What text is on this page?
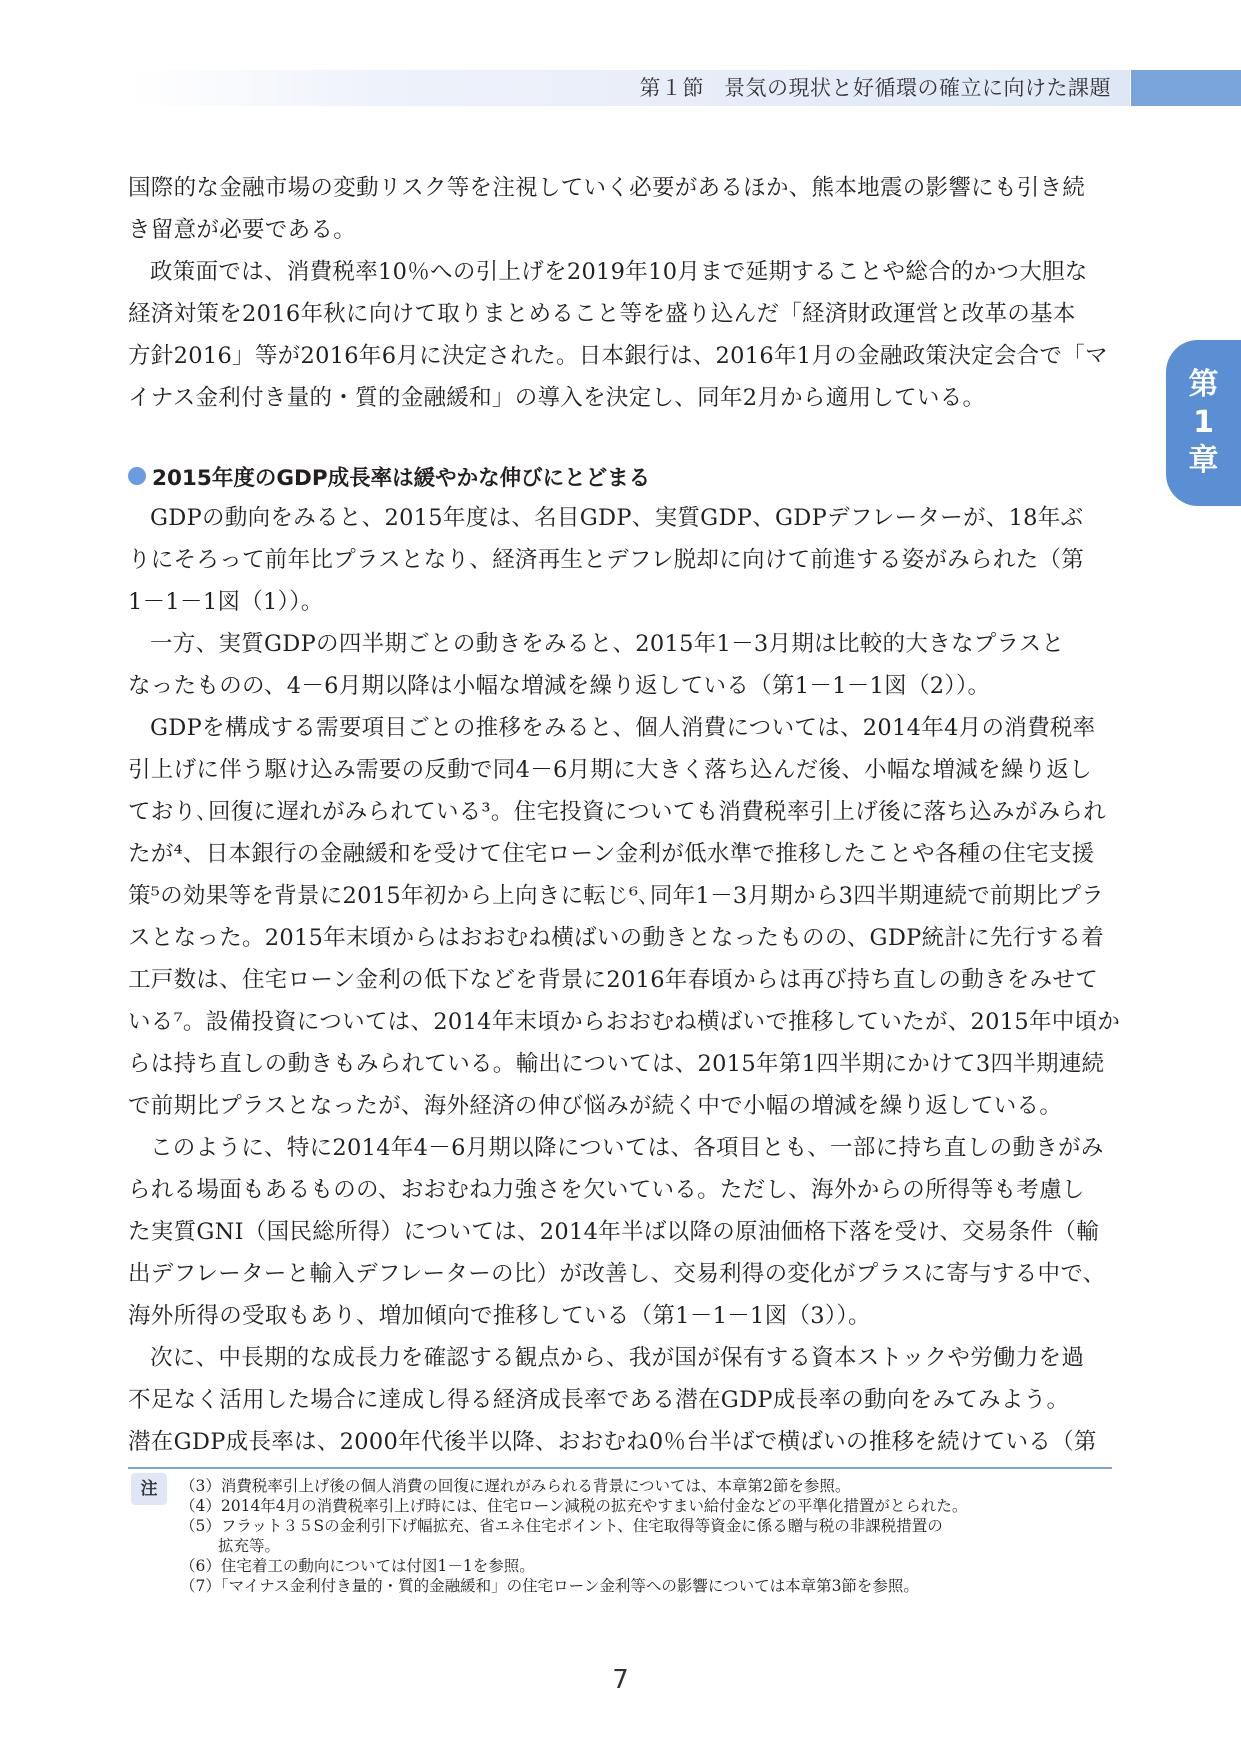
第１節 景気の現状と好循環の確立に向けた課題
第
1
章
国際的な金融市場の変動リスク等を注視していく必要があるほか、熊本地震の影響にも引き続
き留意が必要である。
政策面では、消費税率10％への引上げを2019年10月まで延期することや総合的かつ大胆な
経済対策を2016年秋に向けて取りまとめること等を盛り込んだ「経済財政運営と改革の基本
方針2016」等が2016年6月に決定された。日本銀行は、2016年1月の金融政策決定会合で「マ
イナス金利付き量的・質的金融緩和」の導入を決定し、同年2月から適用している。
2015年度のGDP成長率は緩やかな伸びにとどまる
GDPの動向をみると、2015年度は、名目GDP、実質GDP、GDPデフレーターが、18年ぶ
りにそろって前年比プラスとなり、経済再生とデフレ脱却に向けて前進する姿がみられた（第
1－1－1図（1））。
一方、実質GDPの四半期ごとの動きをみると、2015年1－3月期は比較的大きなプラスと
なったものの、4－6月期以降は小幅な増減を繰り返している（第1－1－1図（2））。
GDPを構成する需要項目ごとの推移をみると、個人消費については、2014年4月の消費税率
引上げに伴う駆け込み需要の反動で同4－6月期に大きく落ち込んだ後、小幅な増減を繰り返し
ており､回復に遅れがみられている³。住宅投資についても消費税率引上げ後に落ち込みがみられ
たが⁴、日本銀行の金融緩和を受けて住宅ローン金利が低水準で推移したことや各種の住宅支援
策⁵の効果等を背景に2015年初から上向きに転じ⁶､同年1－3月期から3四半期連続で前期比プラ
スとなった。2015年末頃からはおおむね横ばいの動きとなったものの、GDP統計に先行する着
工戸数は、住宅ローン金利の低下などを背景に2016年春頃からは再び持ち直しの動きをみせて
いる⁷。設備投資については、2014年末頃からおおむね横ばいで推移していたが、2015年中頃か
らは持ち直しの動きもみられている。輸出については、2015年第1四半期にかけて3四半期連続
で前期比プラスとなったが、海外経済の伸び悩みが続く中で小幅の増減を繰り返している。
このように、特に2014年4－6月期以降については、各項目とも、一部に持ち直しの動きがみ
られる場面もあるものの、おおむね力強さを欠いている。ただし、海外からの所得等も考慮し
た実質GNI（国民総所得）については、2014年半ば以降の原油価格下落を受け、交易条件（輸
出デフレーターと輸入デフレーターの比）が改善し、交易利得の変化がプラスに寄与する中で、
海外所得の受取もあり、増加傾向で推移している（第1－1－1図（3））。
次に、中長期的な成長力を確認する観点から、我が国が保有する資本ストックや労働力を過
不足なく活用した場合に達成し得る経済成長率である潜在GDP成長率の動向をみてみよう。
潜在GDP成長率は、2000年代後半以降、おおむね0％台半ばで横ばいの推移を続けている（第
注	（3）消費税率引上げ後の個人消費の回復に遅れがみられる背景については、本章第2節を参照。
（4）2014年4月の消費税率引上げ時には、住宅ローン減税の拡充やすまい給付金などの平準化措置がとられた。
（5）フラット３５Sの金利引下げ幅拡充、省エネ住宅ポイント、住宅取得等資金に係る贈与税の非課税措置の
拡充等。
（6）住宅着工の動向については付図1－1を参照。
（7）「マイナス金利付き量的・質的金融緩和」の住宅ローン金利等への影響については本章第3節を参照。
7
